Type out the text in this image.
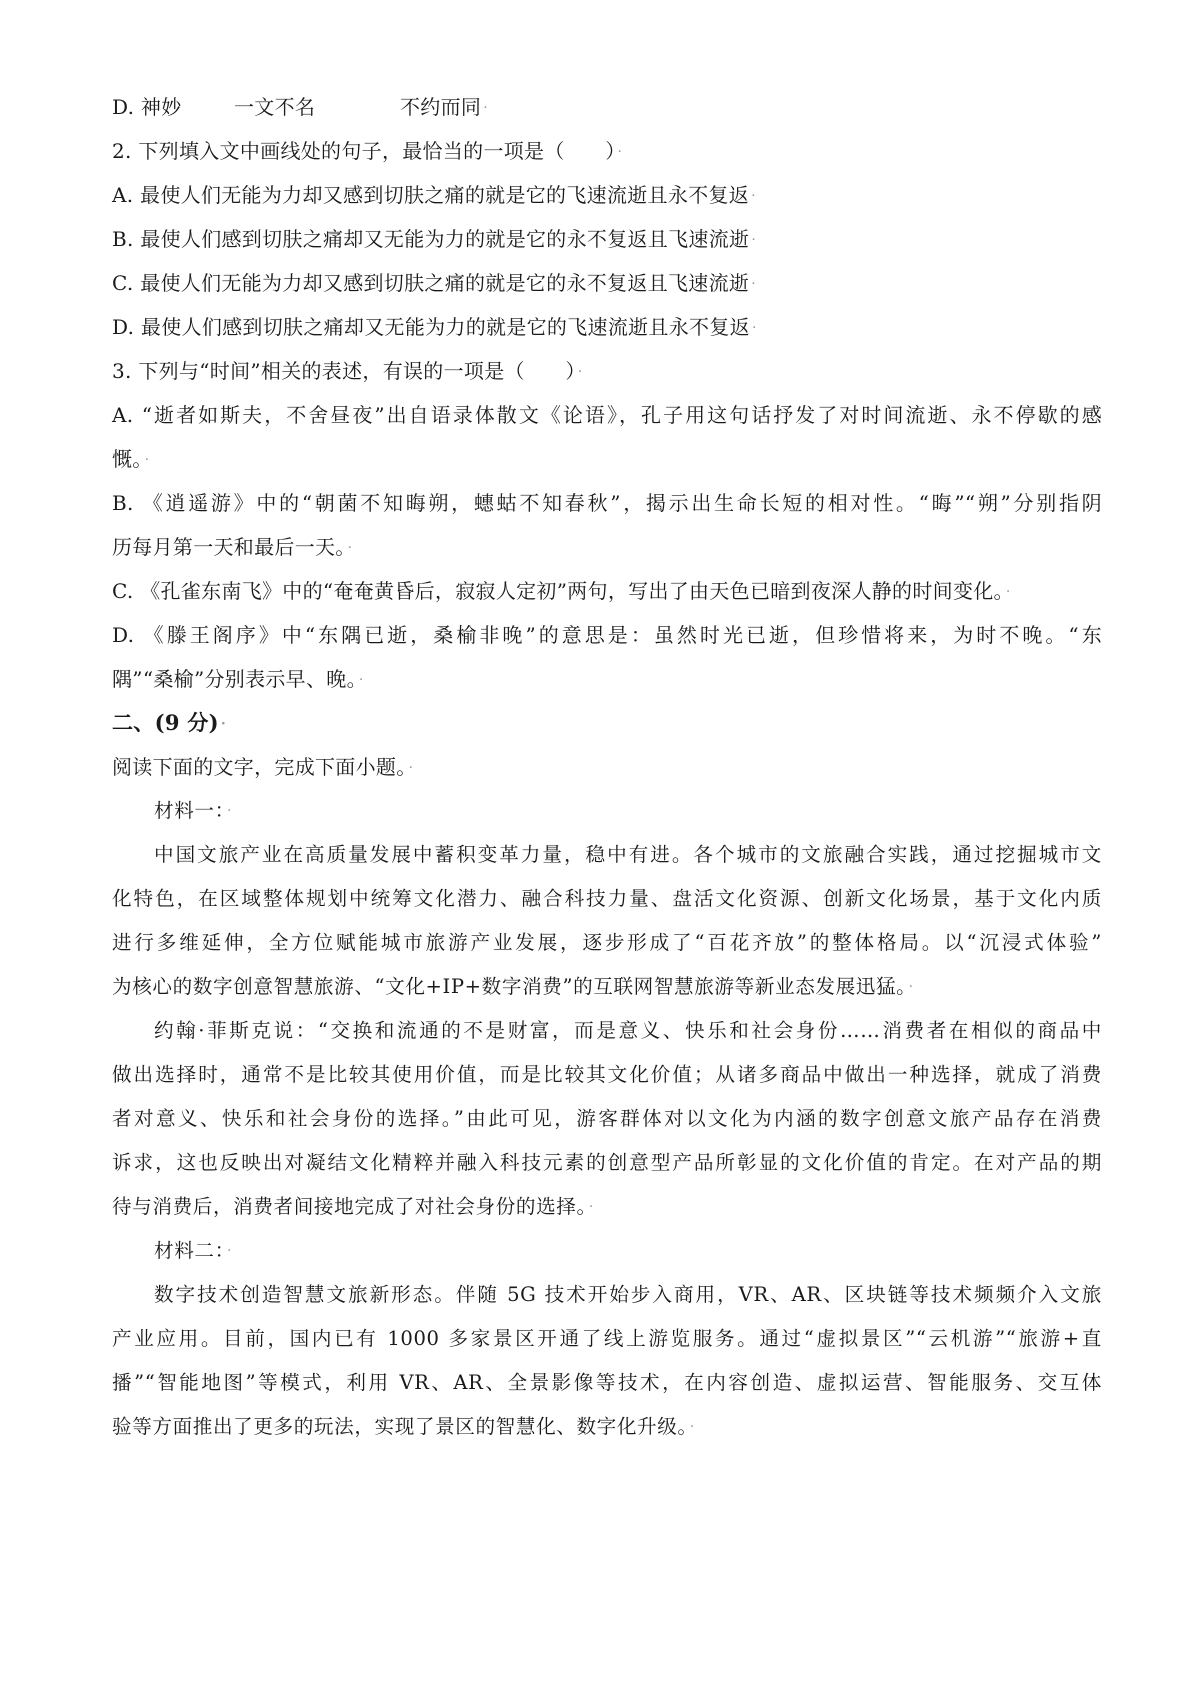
D. 神妙	一文不名	不约而同 ·
2. 下列填入文中画线处的句子，最恰当的一项是（　　） ·
A. 最使人们无能为力却又感到切肤之痛的就是它的飞速流逝且永不复返 ·
B. 最使人们感到切肤之痛却又无能为力的就是它的永不复返且飞速流逝 ·
C. 最使人们无能为力却又感到切肤之痛的就是它的永不复返且飞速流逝 ·
D. 最使人们感到切肤之痛却又无能为力的就是它的飞速流逝且永不复返 ·
3. 下列与“时间”相关的表述，有误的一项是（　　） ·
A. “逝者如斯夫，不舍昼夜”出自语录体散文《论语》，孔子用这句话抒发了对时间流逝、永不停歇的感
慨。 ·
B. 《逍遥游》中的“朝菌不知晦朔，蟪蛄不知春秋”，揭示出生命长短的相对性。“晦”“朔”分别指阴
历每月第一天和最后一天。 ·
C. 《孔雀东南飞》中的“奄奄黄昏后，寂寂人定初”两句，写出了由天色已暗到夜深人静的时间变化。 ·
D. 《滕王阁序》中“东隅已逝，桑榆非晚”的意思是：虽然时光已逝，但珍惜将来，为时不晚。“东
隅”“桑榆”分别表示早、晚。 ·
二、(9 分) ·
阅读下面的文字，完成下面小题。 ·
材料一： ·
中国文旅产业在高质量发展中蓄积变革力量，稳中有进。各个城市的文旅融合实践，通过挖掘城市文
化特色，在区域整体规划中统筹文化潜力、融合科技力量、盘活文化资源、创新文化场景，基于文化内质
进行多维延伸，全方位赋能城市旅游产业发展，逐步形成了“百花齐放”的整体格局。以“沉浸式体验”
为核心的数字创意智慧旅游、“文化+IP+数字消费”的互联网智慧旅游等新业态发展迅猛。 ·
约翰·菲斯克说：“交换和流通的不是财富，而是意义、快乐和社会身份……消费者在相似的商品中
做出选择时，通常不是比较其使用价值，而是比较其文化价值；从诸多商品中做出一种选择，就成了消费
者对意义、快乐和社会身份的选择。”由此可见，游客群体对以文化为内涵的数字创意文旅产品存在消费
诉求，这也反映出对凝结文化精粹并融入科技元素的创意型产品所彰显的文化价值的肯定。在对产品的期
待与消费后，消费者间接地完成了对社会身份的选择。 ·
材料二： ·
数字技术创造智慧文旅新形态。伴随 5G 技术开始步入商用，VR、AR、区块链等技术频频介入文旅
产业应用。目前，国内已有 1000 多家景区开通了线上游览服务。通过“虚拟景区”“云机游”“旅游+直
播”“智能地图”等模式，利用 VR、AR、全景影像等技术，在内容创造、虚拟运营、智能服务、交互体
验等方面推出了更多的玩法，实现了景区的智慧化、数字化升级。 ·
